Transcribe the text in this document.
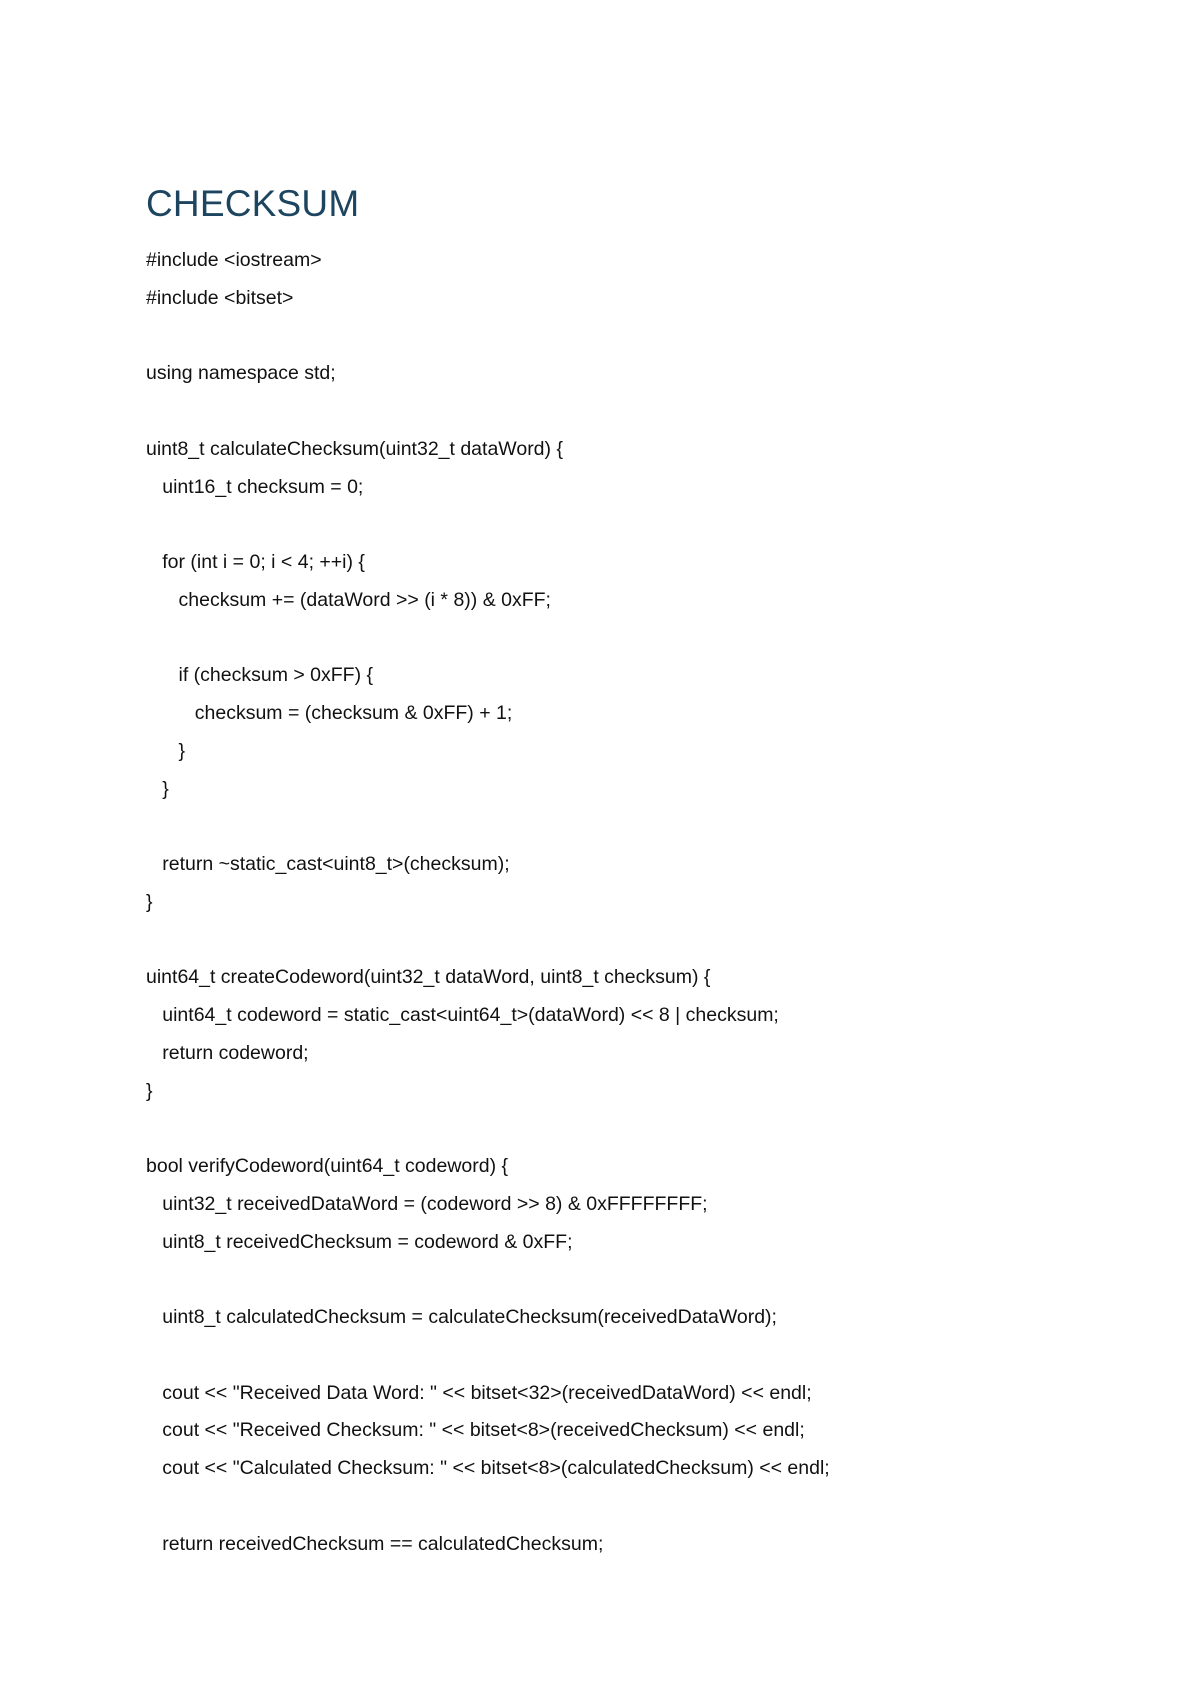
CHECKSUM
#include <iostream>
#include <bitset>
using namespace std;
uint8_t calculateChecksum(uint32_t dataWord) {
uint16_t checksum = 0;
for (int i = 0; i < 4; ++i) {
checksum += (dataWord >> (i * 8)) & 0xFF;
if (checksum > 0xFF) {
checksum = (checksum & 0xFF) + 1;
}
}
return ~static_cast<uint8_t>(checksum);
}
uint64_t createCodeword(uint32_t dataWord, uint8_t checksum) {
uint64_t codeword = static_cast<uint64_t>(dataWord) << 8 | checksum;
return codeword;
}
bool verifyCodeword(uint64_t codeword) {
uint32_t receivedDataWord = (codeword >> 8) & 0xFFFFFFFF;
uint8_t receivedChecksum = codeword & 0xFF;
uint8_t calculatedChecksum = calculateChecksum(receivedDataWord);
cout << "Received Data Word: " << bitset<32>(receivedDataWord) << endl;
cout << "Received Checksum: " << bitset<8>(receivedChecksum) << endl;
cout << "Calculated Checksum: " << bitset<8>(calculatedChecksum) << endl;
return receivedChecksum == calculatedChecksum;
